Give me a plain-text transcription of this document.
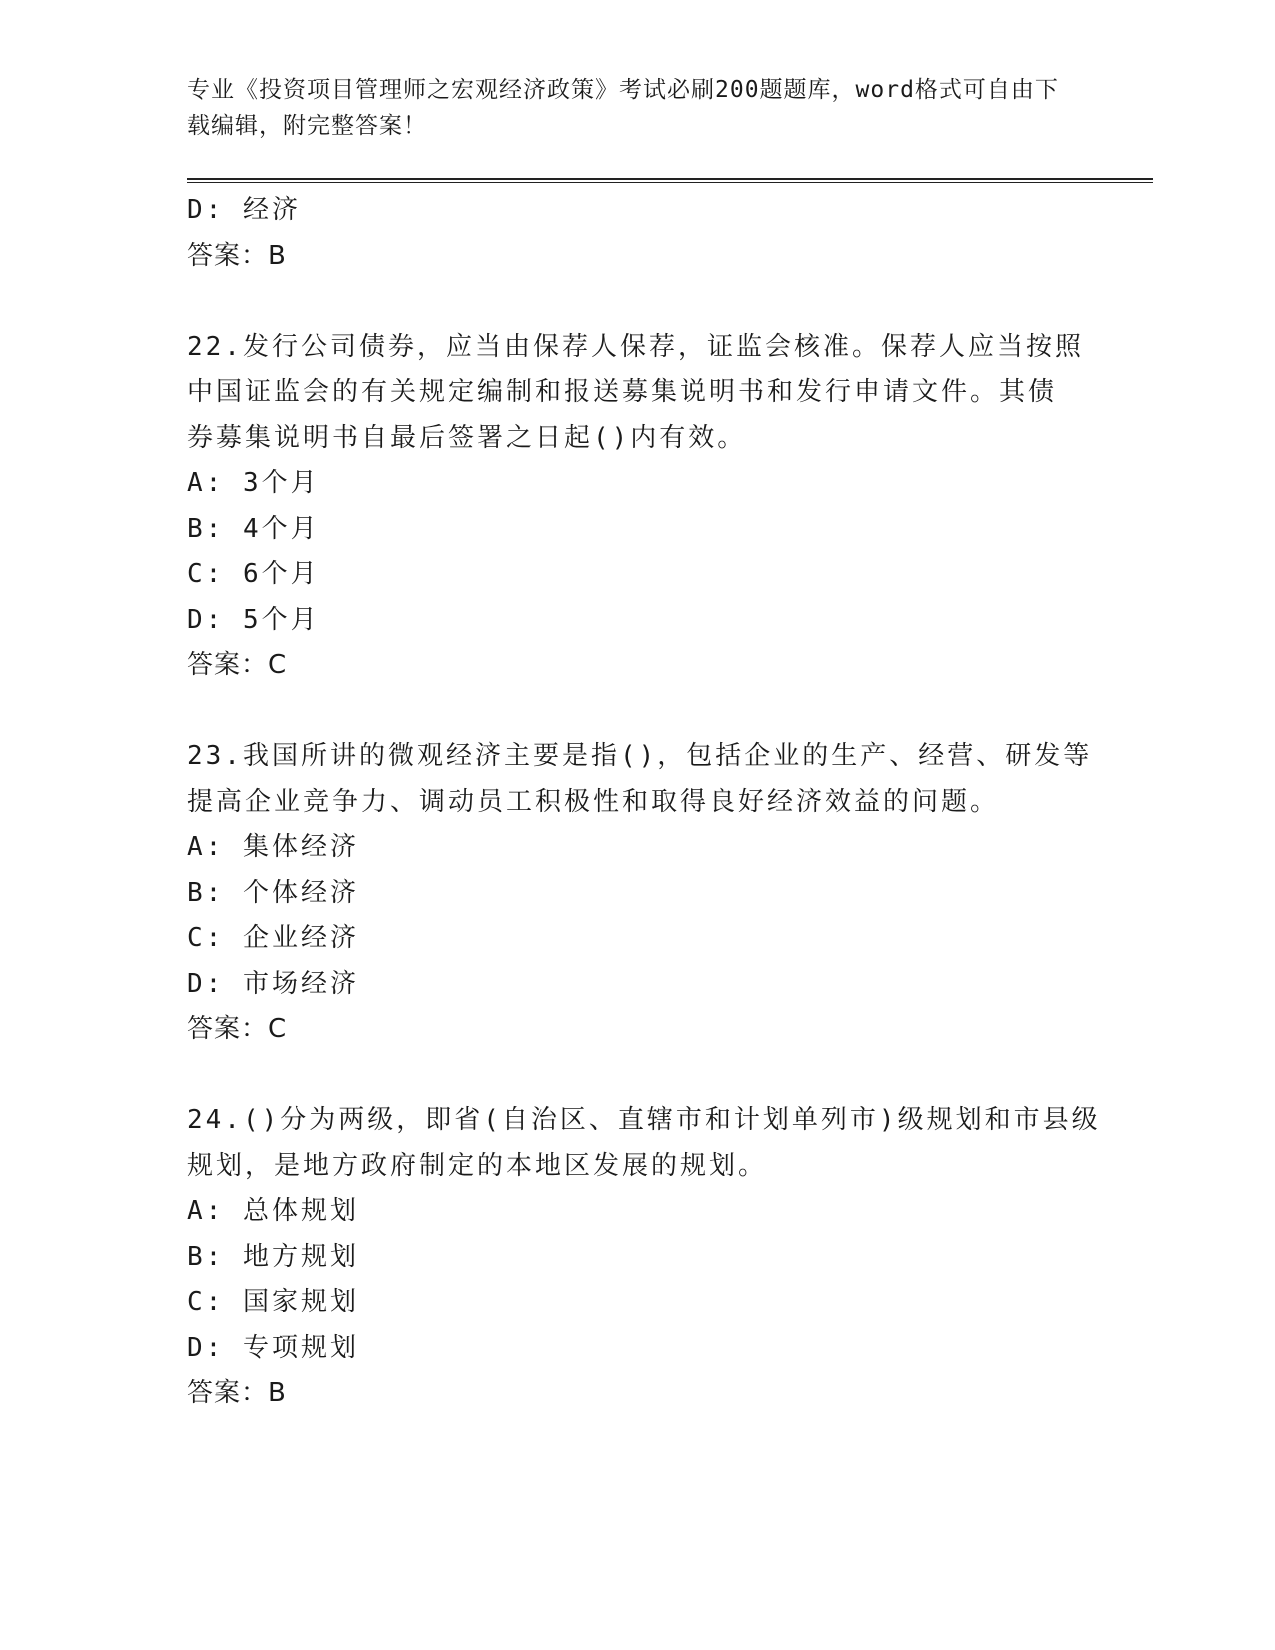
专业《投资项目管理师之宏观经济政策》考试必刷200题题库，word格式可自由下载编辑，附完整答案！
D: 经济
答案：B
22.发行公司债券，应当由保荐人保荐，证监会核准。保荐人应当按照
中国证监会的有关规定编制和报送募集说明书和发行申请文件。其债
券募集说明书自最后签署之日起()内有效。
A: 3个月
B: 4个月
C: 6个月
D: 5个月
答案：C
23.我国所讲的微观经济主要是指()，包括企业的生产、经营、研发等
提高企业竞争力、调动员工积极性和取得良好经济效益的问题。
A: 集体经济
B: 个体经济
C: 企业经济
D: 市场经济
答案：C
24.()分为两级，即省(自治区、直辖市和计划单列市)级规划和市县级
规划，是地方政府制定的本地区发展的规划。
A: 总体规划
B: 地方规划
C: 国家规划
D: 专项规划
答案：B
